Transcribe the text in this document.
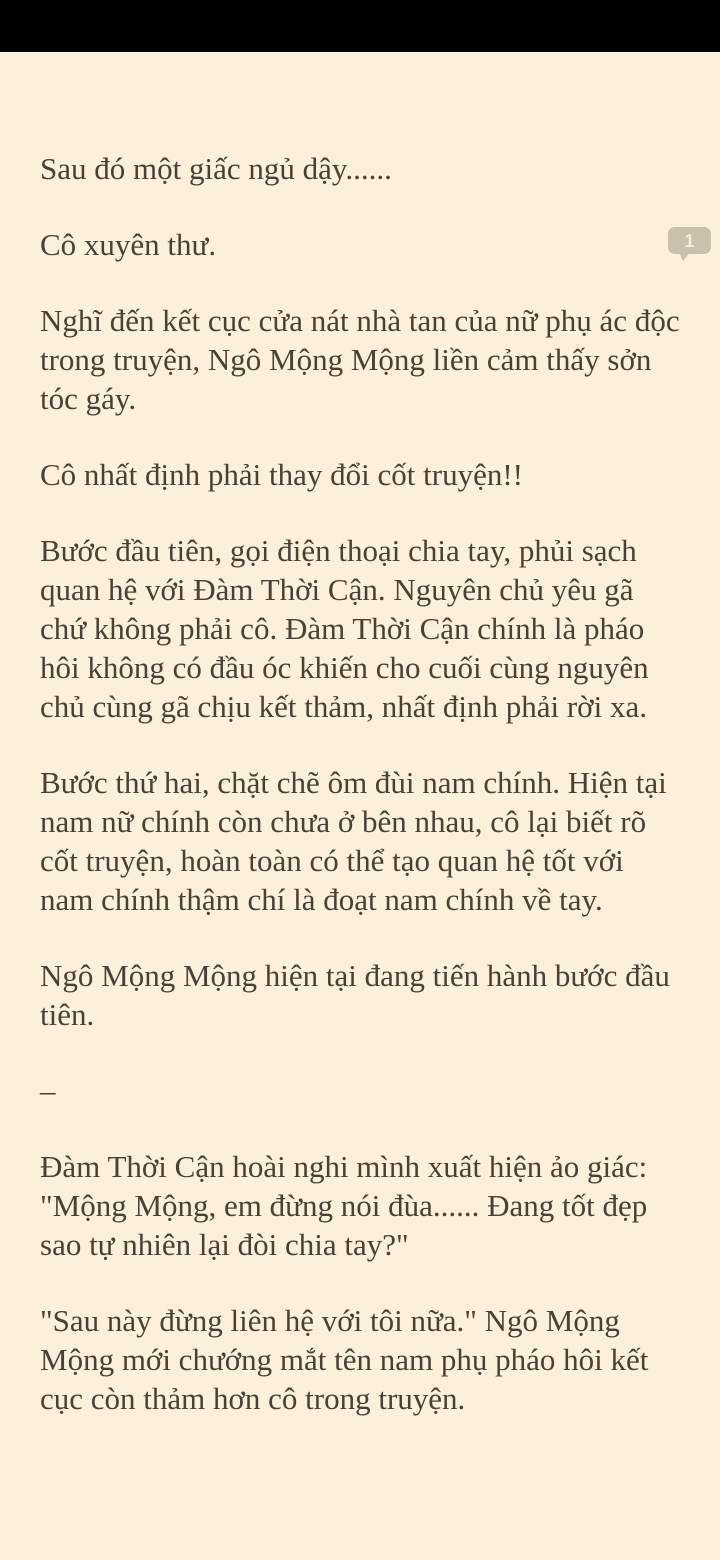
Sau đó một giấc ngủ dậy......

Cô xuyên thư.	1

Nghĩ đến kết cục cửa nát nhà tan của nữ phụ ác độc trong truyện, Ngô Mộng Mộng liền cảm thấy sởn tóc gáy.

Cô nhất định phải thay đổi cốt truyện!!

Bước đầu tiên, gọi điện thoại chia tay, phủi sạch quan hệ với Đàm Thời Cận. Nguyên chủ yêu gã chứ không phải cô. Đàm Thời Cận chính là pháo hôi không có đầu óc khiến cho cuối cùng nguyên chủ cùng gã chịu kết thảm, nhất định phải rời xa.

Bước thứ hai, chặt chẽ ôm đùi nam chính. Hiện tại nam nữ chính còn chưa ở bên nhau, cô lại biết rõ cốt truyện, hoàn toàn có thể tạo quan hệ tốt với nam chính thậm chí là đoạt nam chính về tay.

Ngô Mộng Mộng hiện tại đang tiến hành bước đầu tiên.

–

Đàm Thời Cận hoài nghi mình xuất hiện ảo giác: "Mộng Mộng, em đừng nói đùa...... Đang tốt đẹp sao tự nhiên lại đòi chia tay?"

"Sau này đừng liên hệ với tôi nữa." Ngô Mộng Mộng mới chướng mắt tên nam phụ pháo hôi kết cục còn thảm hơn cô trong truyện.
